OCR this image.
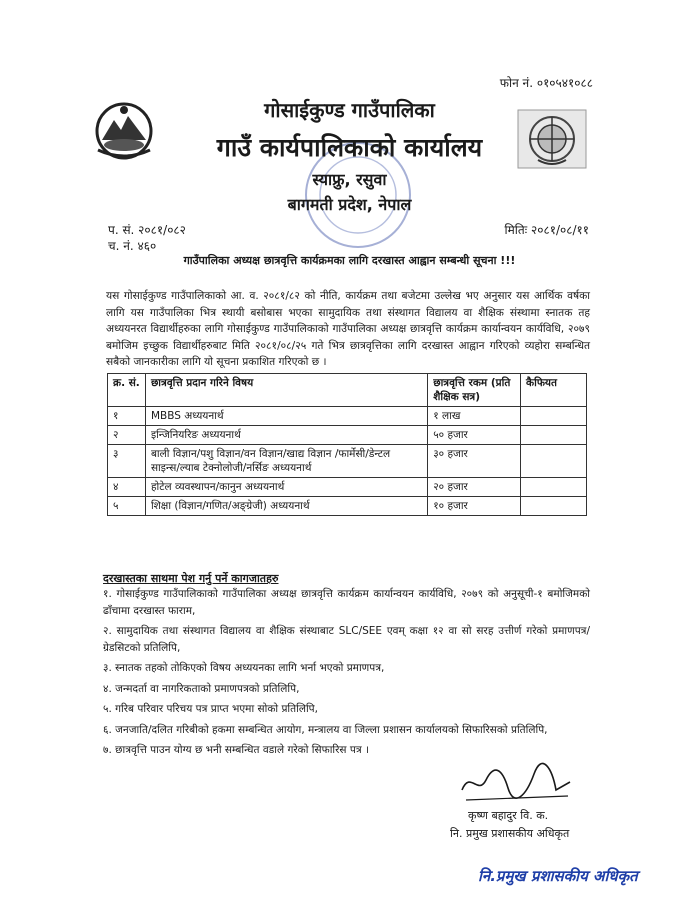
फोन नं. ०१०५४१०८८
गोसाईकुण्ड गाउँपालिका
गाउँ कार्यपालिकाको कार्यालय
स्याफ्रु, रसुवा
बागमती प्रदेश, नेपाल
प. सं. २०८१/०८२
च. नं. ४६०
मितिः २०८१/०८/११
गाउँपालिका अध्यक्ष छात्रवृत्ति कार्यक्रमका लागि दरखास्त आह्वान सम्बन्धी सूचना !!!
यस गोसाईकुण्ड गाउँपालिकाको आ. व. २०८१/८२ को नीति, कार्यक्रम तथा बजेटमा उल्लेख भए अनुसार यस आर्थिक वर्षका लागि यस गाउँपालिका भित्र स्थायी बसोबास भएका सामुदायिक तथा संस्थागत विद्यालय वा शैक्षिक संस्थामा स्नातक तह अध्ययनरत विद्यार्थीहरुका लागि गोसाईकुण्ड गाउँपालिकाको गाउँपालिका अध्यक्ष छात्रवृत्ति कार्यक्रम कार्यान्वयन कार्यविधि, २०७९ बमोजिम इच्छुक विद्यार्थीहरुबाट मिति २०८१/०८/२५ गते भित्र छात्रवृत्तिका लागि दरखास्त आह्वान गरिएको व्यहोरा सम्बन्धित सबैको जानकारीका लागि यो सूचना प्रकाशित गरिएको छ ।
क्र. सं.	छात्रवृत्ति प्रदान गरिने विषय	छात्रवृत्ति रकम (प्रति शैक्षिक सत्र)	कैफियत
१	MBBS अध्ययनार्थ	१ लाख	
२	इन्जिनियरिङ अध्ययनार्थ	५० हजार	
३	बाली विज्ञान/पशु विज्ञान/वन विज्ञान/खाद्य विज्ञान /फार्मेसी/डेन्टल साइन्स/ल्याब टेक्नोलोजी/नर्सिङ अध्ययनार्थ	३० हजार	
४	होटेल व्यवस्थापन/कानुन अध्ययनार्थ	२० हजार	
५	शिक्षा (विज्ञान/गणित/अङ्ग्रेजी) अध्ययनार्थ	१० हजार	
दरखास्तका साथमा पेश गर्नु पर्ने कागजातहरु
१. गोसाईकुण्ड गाउँपालिकाको गाउँपालिका अध्यक्ष छात्रवृत्ति कार्यक्रम कार्यान्वयन कार्यविधि, २०७९ को अनुसूची-१ बमोजिमको ढाँचामा दरखास्त फाराम,
२. सामुदायिक तथा संस्थागत विद्यालय वा शैक्षिक संस्थाबाट SLC/SEE एवम् कक्षा १२ वा सो सरह उत्तीर्ण गरेको प्रमाणपत्र/ग्रेडसिटको प्रतिलिपि,
३. स्नातक तहको तोकिएको विषय अध्ययनका लागि भर्ना भएको प्रमाणपत्र,
४. जन्मदर्ता वा नागरिकताको प्रमाणपत्रको प्रतिलिपि,
५. गरिब परिवार परिचय पत्र प्राप्त भएमा सोको प्रतिलिपि,
६. जनजाति/दलित गरिबीको हकमा सम्बन्धित आयोग, मन्त्रालय वा जिल्ला प्रशासन कार्यालयको सिफारिसको प्रतिलिपि,
७. छात्रवृत्ति पाउन योग्य छ भनी सम्बन्धित वडाले गरेको सिफारिस पत्र ।
कृष्ण बहादुर वि. क.
नि. प्रमुख प्रशासकीय अधिकृत
नि.प्रमुख प्रशासकीय अधिकृत
